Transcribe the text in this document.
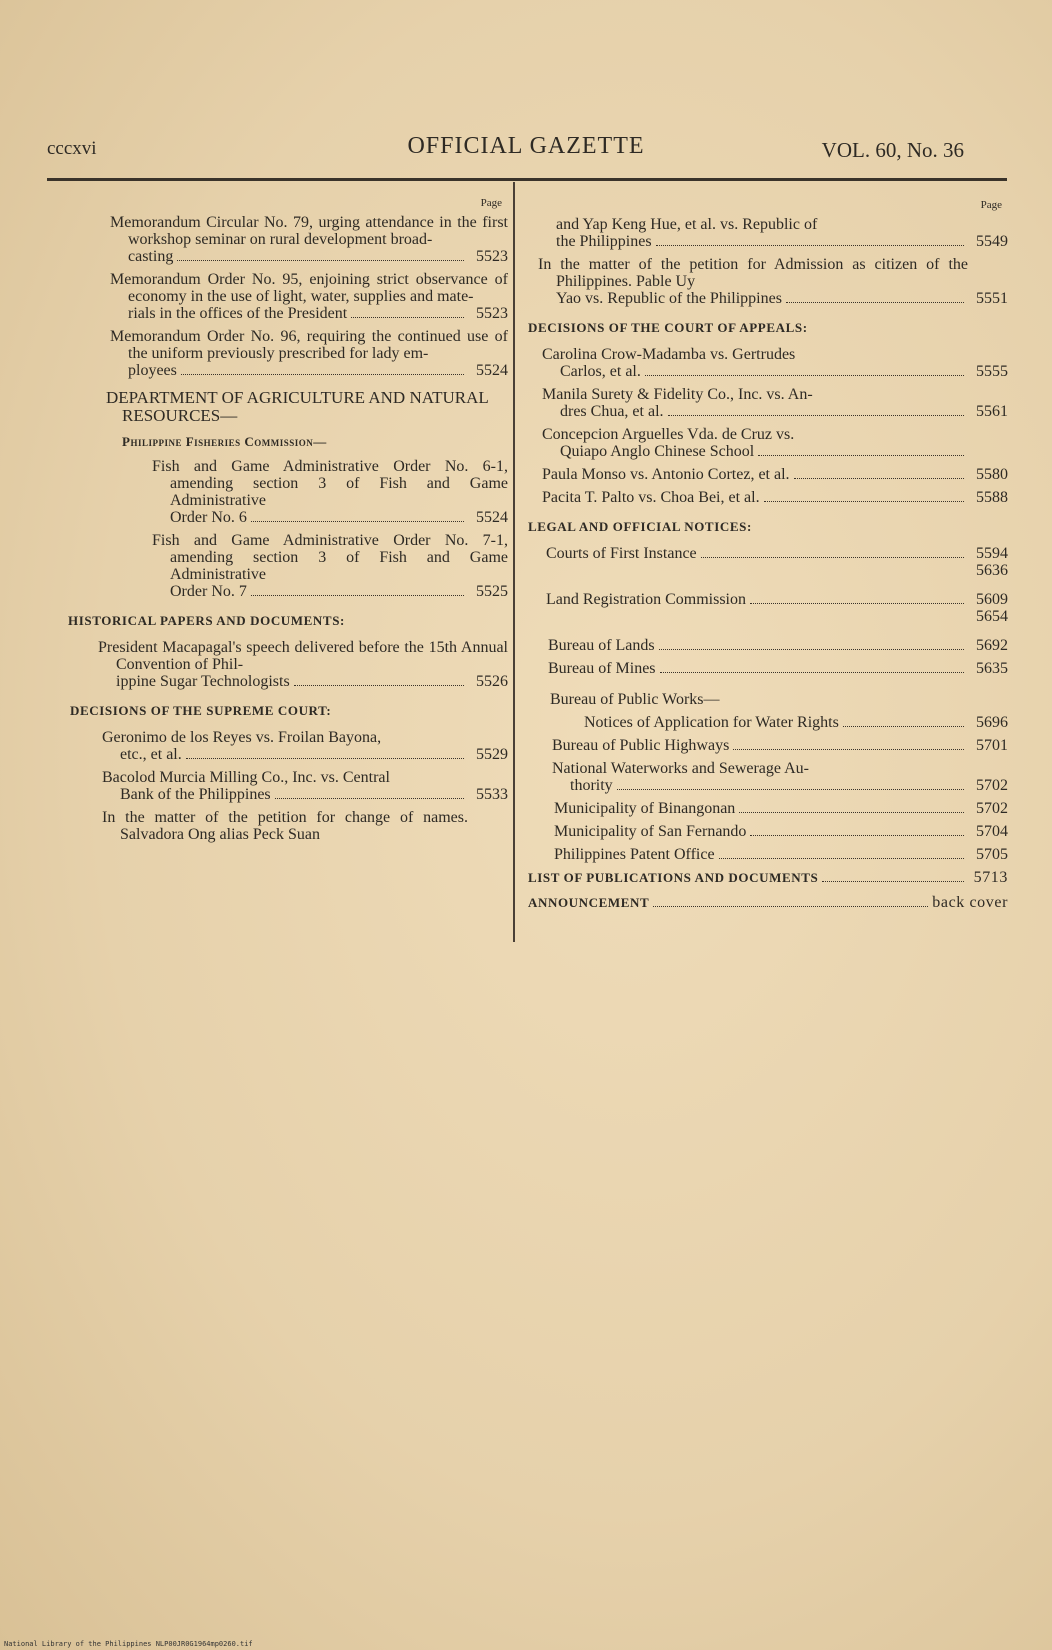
cccxvi	OFFICIAL GAZETTE	VOL. 60, No. 36
Page
Memorandum Circular No. 79, urging attendance in the first workshop seminar on rural development broad-
casting	5523
Memorandum Order No. 95, enjoining strict observance of economy in the use of light, water, supplies and mate-
rials in the offices of the President	5523
Memorandum Order No. 96, requiring the continued use of the uniform previously prescribed for lady em-
ployees	5524
DEPARTMENT OF AGRICULTURE AND NATURAL RESOURCES—
Philippine Fisheries Commission—
Fish and Game Administrative Order No. 6-1, amending section 3 of Fish and Game Administrative
Order No. 6	5524
Fish and Game Administrative Order No. 7-1, amending section 3 of Fish and Game Administrative
Order No. 7	5525
HISTORICAL PAPERS AND DOCUMENTS:
President Macapagal's speech delivered before the 15th Annual Convention of Phil-
ippine Sugar Technologists	5526
DECISIONS OF THE SUPREME COURT:
Geronimo de los Reyes vs. Froilan Bayona,
etc., et al.	5529
Bacolod Murcia Milling Co., Inc. vs. Central
Bank of the Philippines	5533
In the matter of the petition for change of names. Salvadora Ong alias Peck Suan
Page
and Yap Keng Hue, et al. vs. Republic of
the Philippines	5549
In the matter of the petition for Admission as citizen of the Philippines. Pable Uy
Yao vs. Republic of the Philippines	5551
DECISIONS OF THE COURT OF APPEALS:
Carolina Crow-Madamba vs. Gertrudes
Carlos, et al.	5555
Manila Surety & Fidelity Co., Inc. vs. An-
dres Chua, et al.	5561
Concepcion Arguelles Vda. de Cruz vs.
Quiapo Anglo Chinese School
Paula Monso vs. Antonio Cortez, et al.	5580
Pacita T. Palto vs. Choa Bei, et al.	5588
LEGAL AND OFFICIAL NOTICES:
Courts of First Instance	5594
5636
Land Registration Commission	5609
5654
Bureau of Lands	5692
Bureau of Mines	5635
Bureau of Public Works—
Notices of Application for Water Rights	5696
Bureau of Public Highways	5701
National Waterworks and Sewerage Au-
thority	5702
Municipality of Binangonan	5702
Municipality of San Fernando	5704
Philippines Patent Office	5705
LIST OF PUBLICATIONS AND DOCUMENTS	5713
ANNOUNCEMENT	back cover
National Library of the Philippines NLP00JR0G1964mp0260.tif
